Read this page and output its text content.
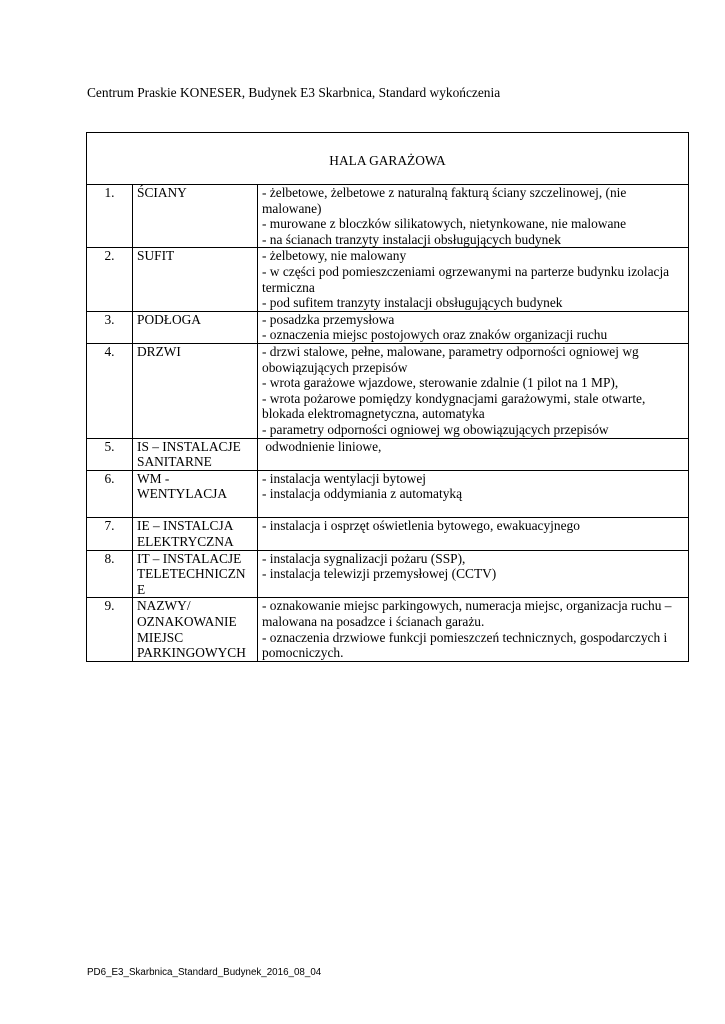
Centrum Praskie KONESER, Budynek E3 Skarbnica, Standard wykończenia
HALA GARAŻOWA		
1.	ŚCIANY	- żelbetowe, żelbetowe z naturalną fakturą ściany szczelinowej, (nie malowane)
- murowane z bloczków silikatowych, nietynkowane, nie malowane
- na ścianach tranzyty instalacji obsługujących budynek

2.	SUFIT	- żelbetowy, nie malowany
- w części pod pomieszczeniami ogrzewanymi na parterze budynku izolacja termiczna
- pod sufitem tranzyty instalacji obsługujących budynek

3.	PODŁOGA	- posadzka przemysłowa
- oznaczenia miejsc postojowych oraz znaków organizacji ruchu

4.	DRZWI	- drzwi stalowe, pełne, malowane, parametry odporności ogniowej wg obowiązujących przepisów
- wrota garażowe wjazdowe, sterowanie zdalnie (1 pilot na 1 MP),
- wrota pożarowe pomiędzy kondygnacjami garażowymi, stale otwarte, blokada elektromagnetyczna, automatyka
- parametry odporności ogniowej wg obowiązujących przepisów

5.	IS – INSTALACJE
SANITARNE	odwodnienie liniowe,

6.	WM -
WENTYLACJA	- instalacja wentylacji bytowej
- instalacja oddymiania z automatyką

7.	IE – INSTALCJA
ELEKTRYCZNA	- instalacja i osprzęt oświetlenia bytowego, ewakuacyjnego

8.	IT – INSTALACJE
TELETECHNICZN
E	- instalacja sygnalizacji pożaru (SSP),
- instalacja telewizji przemysłowej (CCTV)

9.	NAZWY/
OZNAKOWANIE
MIEJSC
PARKINGOWYCH	- oznakowanie miejsc parkingowych, numeracja miejsc, organizacja ruchu – malowana na posadzce i ścianach garażu.
- oznaczenia drzwiowe funkcji pomieszczeń technicznych, gospodarczych i pomocniczych.
PD6_E3_Skarbnica_Standard_Budynek_2016_08_04
